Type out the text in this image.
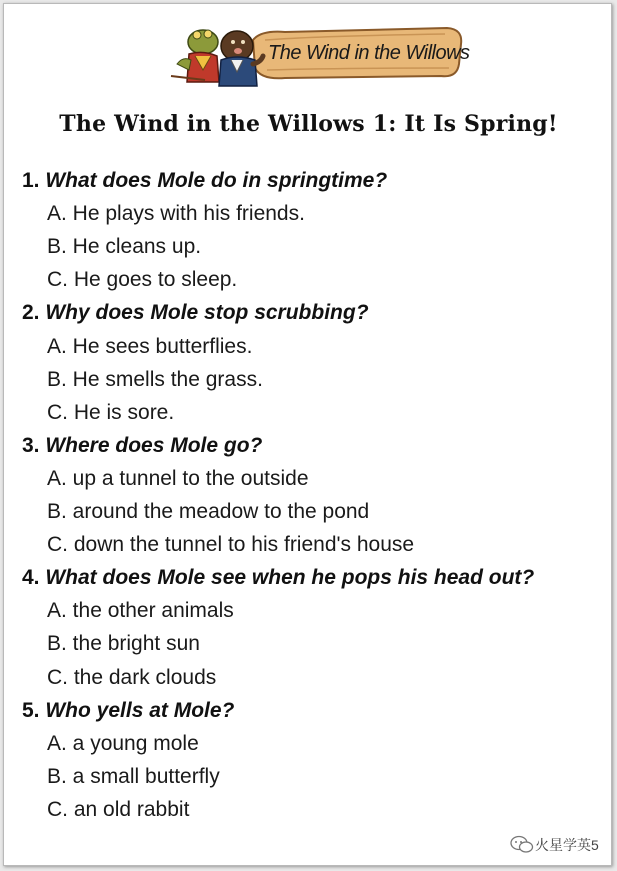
The Wind in the Willows
The Wind in the Willows 1: It Is Spring!
1. What does Mole do in springtime?
A. He plays with his friends.
B. He cleans up.
C. He goes to sleep.
2. Why does Mole stop scrubbing?
A. He sees butterflies.
B. He smells the grass.
C. He is sore.
3. Where does Mole go?
A. up a tunnel to the outside
B. around the meadow to the pond
C. down the tunnel to his friend's house
4. What does Mole see when he pops his head out?
A. the other animals
B. the bright sun
C. the dark clouds
5. Who yells at Mole?
A. a young mole
B. a small butterfly
C. an old rabbit
火星学英5
